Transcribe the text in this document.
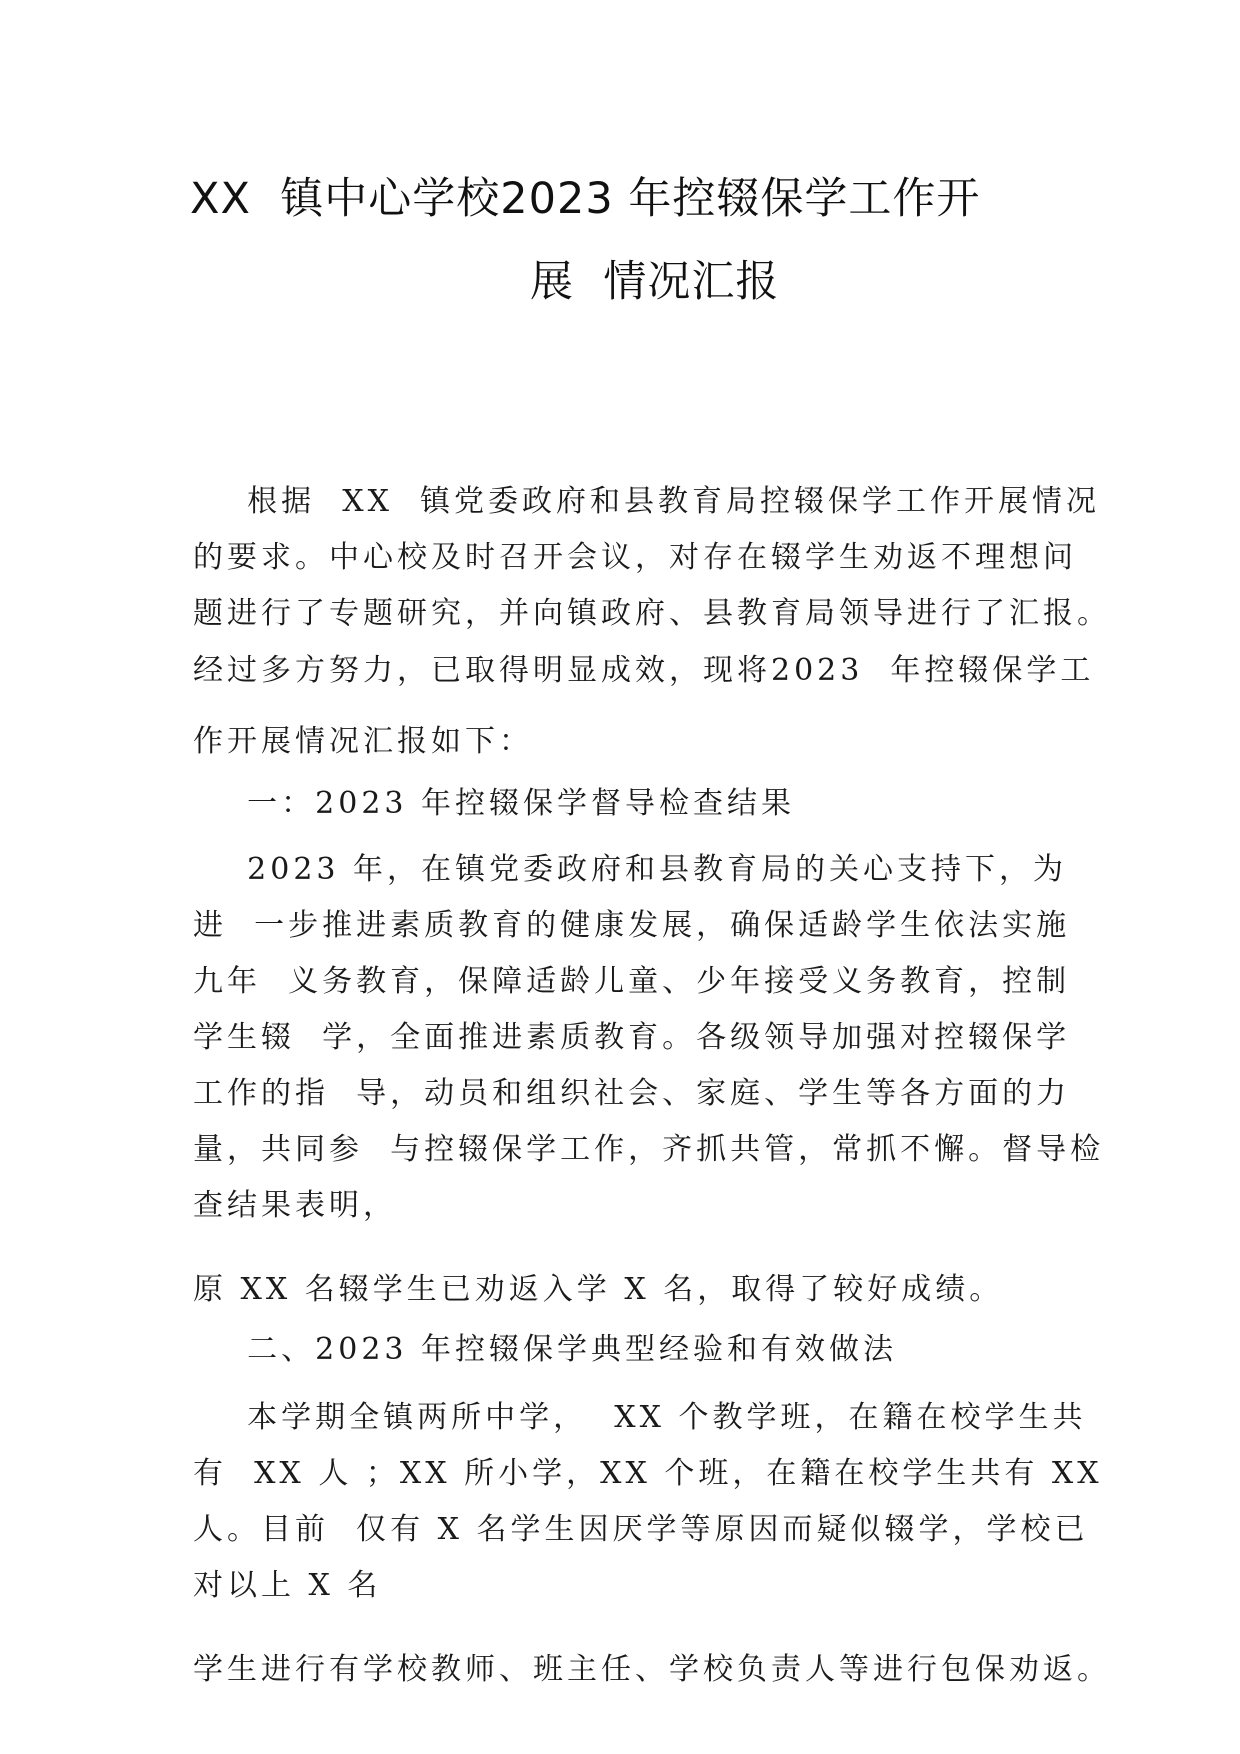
XX  镇中心学校2023 年控辍保学工作开
展  情况汇报
根据  XX  镇党委政府和县教育局控辍保学工作开展情况
的要求。中心校及时召开会议，对存在辍学生劝返不理想问
题进行了专题研究，并向镇政府、县教育局领导进行了汇报。
经过多方努力，已取得明显成效，现将2023  年控辍保学工
作开展情况汇报如下：
一：2023 年控辍保学督导检查结果
2023 年，在镇党委政府和县教育局的关心支持下，为
进  一步推进素质教育的健康发展，确保适龄学生依法实施
九年  义务教育，保障适龄儿童、少年接受义务教育，控制
学生辍  学，全面推进素质教育。各级领导加强对控辍保学
工作的指  导，动员和组织社会、家庭、学生等各方面的力
量，共同参  与控辍保学工作，齐抓共管，常抓不懈。督导检
查结果表明，
原 XX 名辍学生已劝返入学 X 名，取得了较好成绩。
二、2023 年控辍保学典型经验和有效做法
本学期全镇两所中学，  XX 个教学班，在籍在校学生共
有  XX 人 ；XX 所小学，XX 个班，在籍在校学生共有 XX
人。目前  仅有 X 名学生因厌学等原因而疑似辍学，学校已
对以上 X 名
学生进行有学校教师、班主任、学校负责人等进行包保劝返。
